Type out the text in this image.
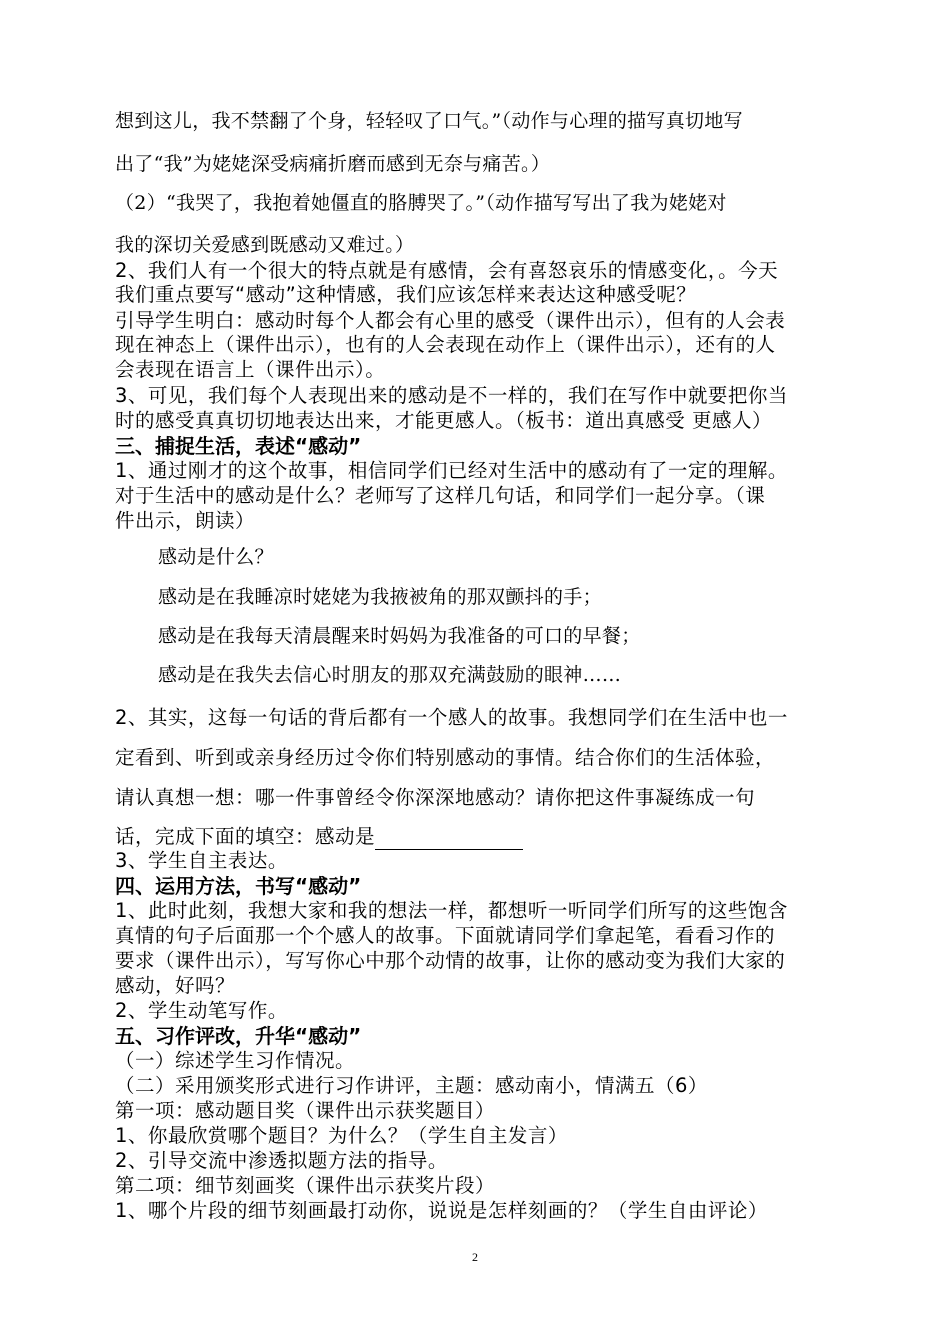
想到这儿，我不禁翻了个身，轻轻叹了口气。”（动作与心理的描写真切地写
出了“我”为姥姥深受病痛折磨而感到无奈与痛苦。）
（2）“我哭了，我抱着她僵直的胳膊哭了。”（动作描写写出了我为姥姥对
我的深切关爱感到既感动又难过。）
2、我们人有一个很大的特点就是有感情，会有喜怒哀乐的情感变化，。今天
我们重点要写“感动”这种情感，我们应该怎样来表达这种感受呢？
引导学生明白：感动时每个人都会有心里的感受（课件出示），但有的人会表
现在神态上（课件出示），也有的人会表现在动作上（课件出示），还有的人
会表现在语言上（课件出示）。
3、可见，我们每个人表现出来的感动是不一样的，我们在写作中就要把你当
时的感受真真切切地表达出来，才能更感人。（板书：道出真感受 更感人）
三、捕捉生活，表述“感动”
1、通过刚才的这个故事，相信同学们已经对生活中的感动有了一定的理解。
对于生活中的感动是什么？老师写了这样几句话，和同学们一起分享。（课
件出示，朗读）
感动是什么？
感动是在我睡凉时姥姥为我掖被角的那双颤抖的手；
感动是在我每天清晨醒来时妈妈为我准备的可口的早餐；
感动是在我失去信心时朋友的那双充满鼓励的眼神……
2、其实，这每一句话的背后都有一个感人的故事。我想同学们在生活中也一
定看到、听到或亲身经历过令你们特别感动的事情。结合你们的生活体验，
请认真想一想：哪一件事曾经令你深深地感动？请你把这件事凝练成一句
话，完成下面的填空：感动是
3、学生自主表达。
四、运用方法，书写“感动”
1、此时此刻，我想大家和我的想法一样，都想听一听同学们所写的这些饱含
真情的句子后面那一个个感人的故事。下面就请同学们拿起笔，看看习作的
要求（课件出示），写写你心中那个动情的故事，让你的感动变为我们大家的
感动，好吗？
2、学生动笔写作。
五、习作评改，升华“感动”
（一）综述学生习作情况。
（二）采用颁奖形式进行习作讲评，主题：感动南小，情满五（6）
第一项：感动题目奖（课件出示获奖题目）
1、你最欣赏哪个题目？为什么？（学生自主发言）
2、引导交流中渗透拟题方法的指导。
第二项：细节刻画奖（课件出示获奖片段）
1、哪个片段的细节刻画最打动你，说说是怎样刻画的？（学生自由评论）
2
